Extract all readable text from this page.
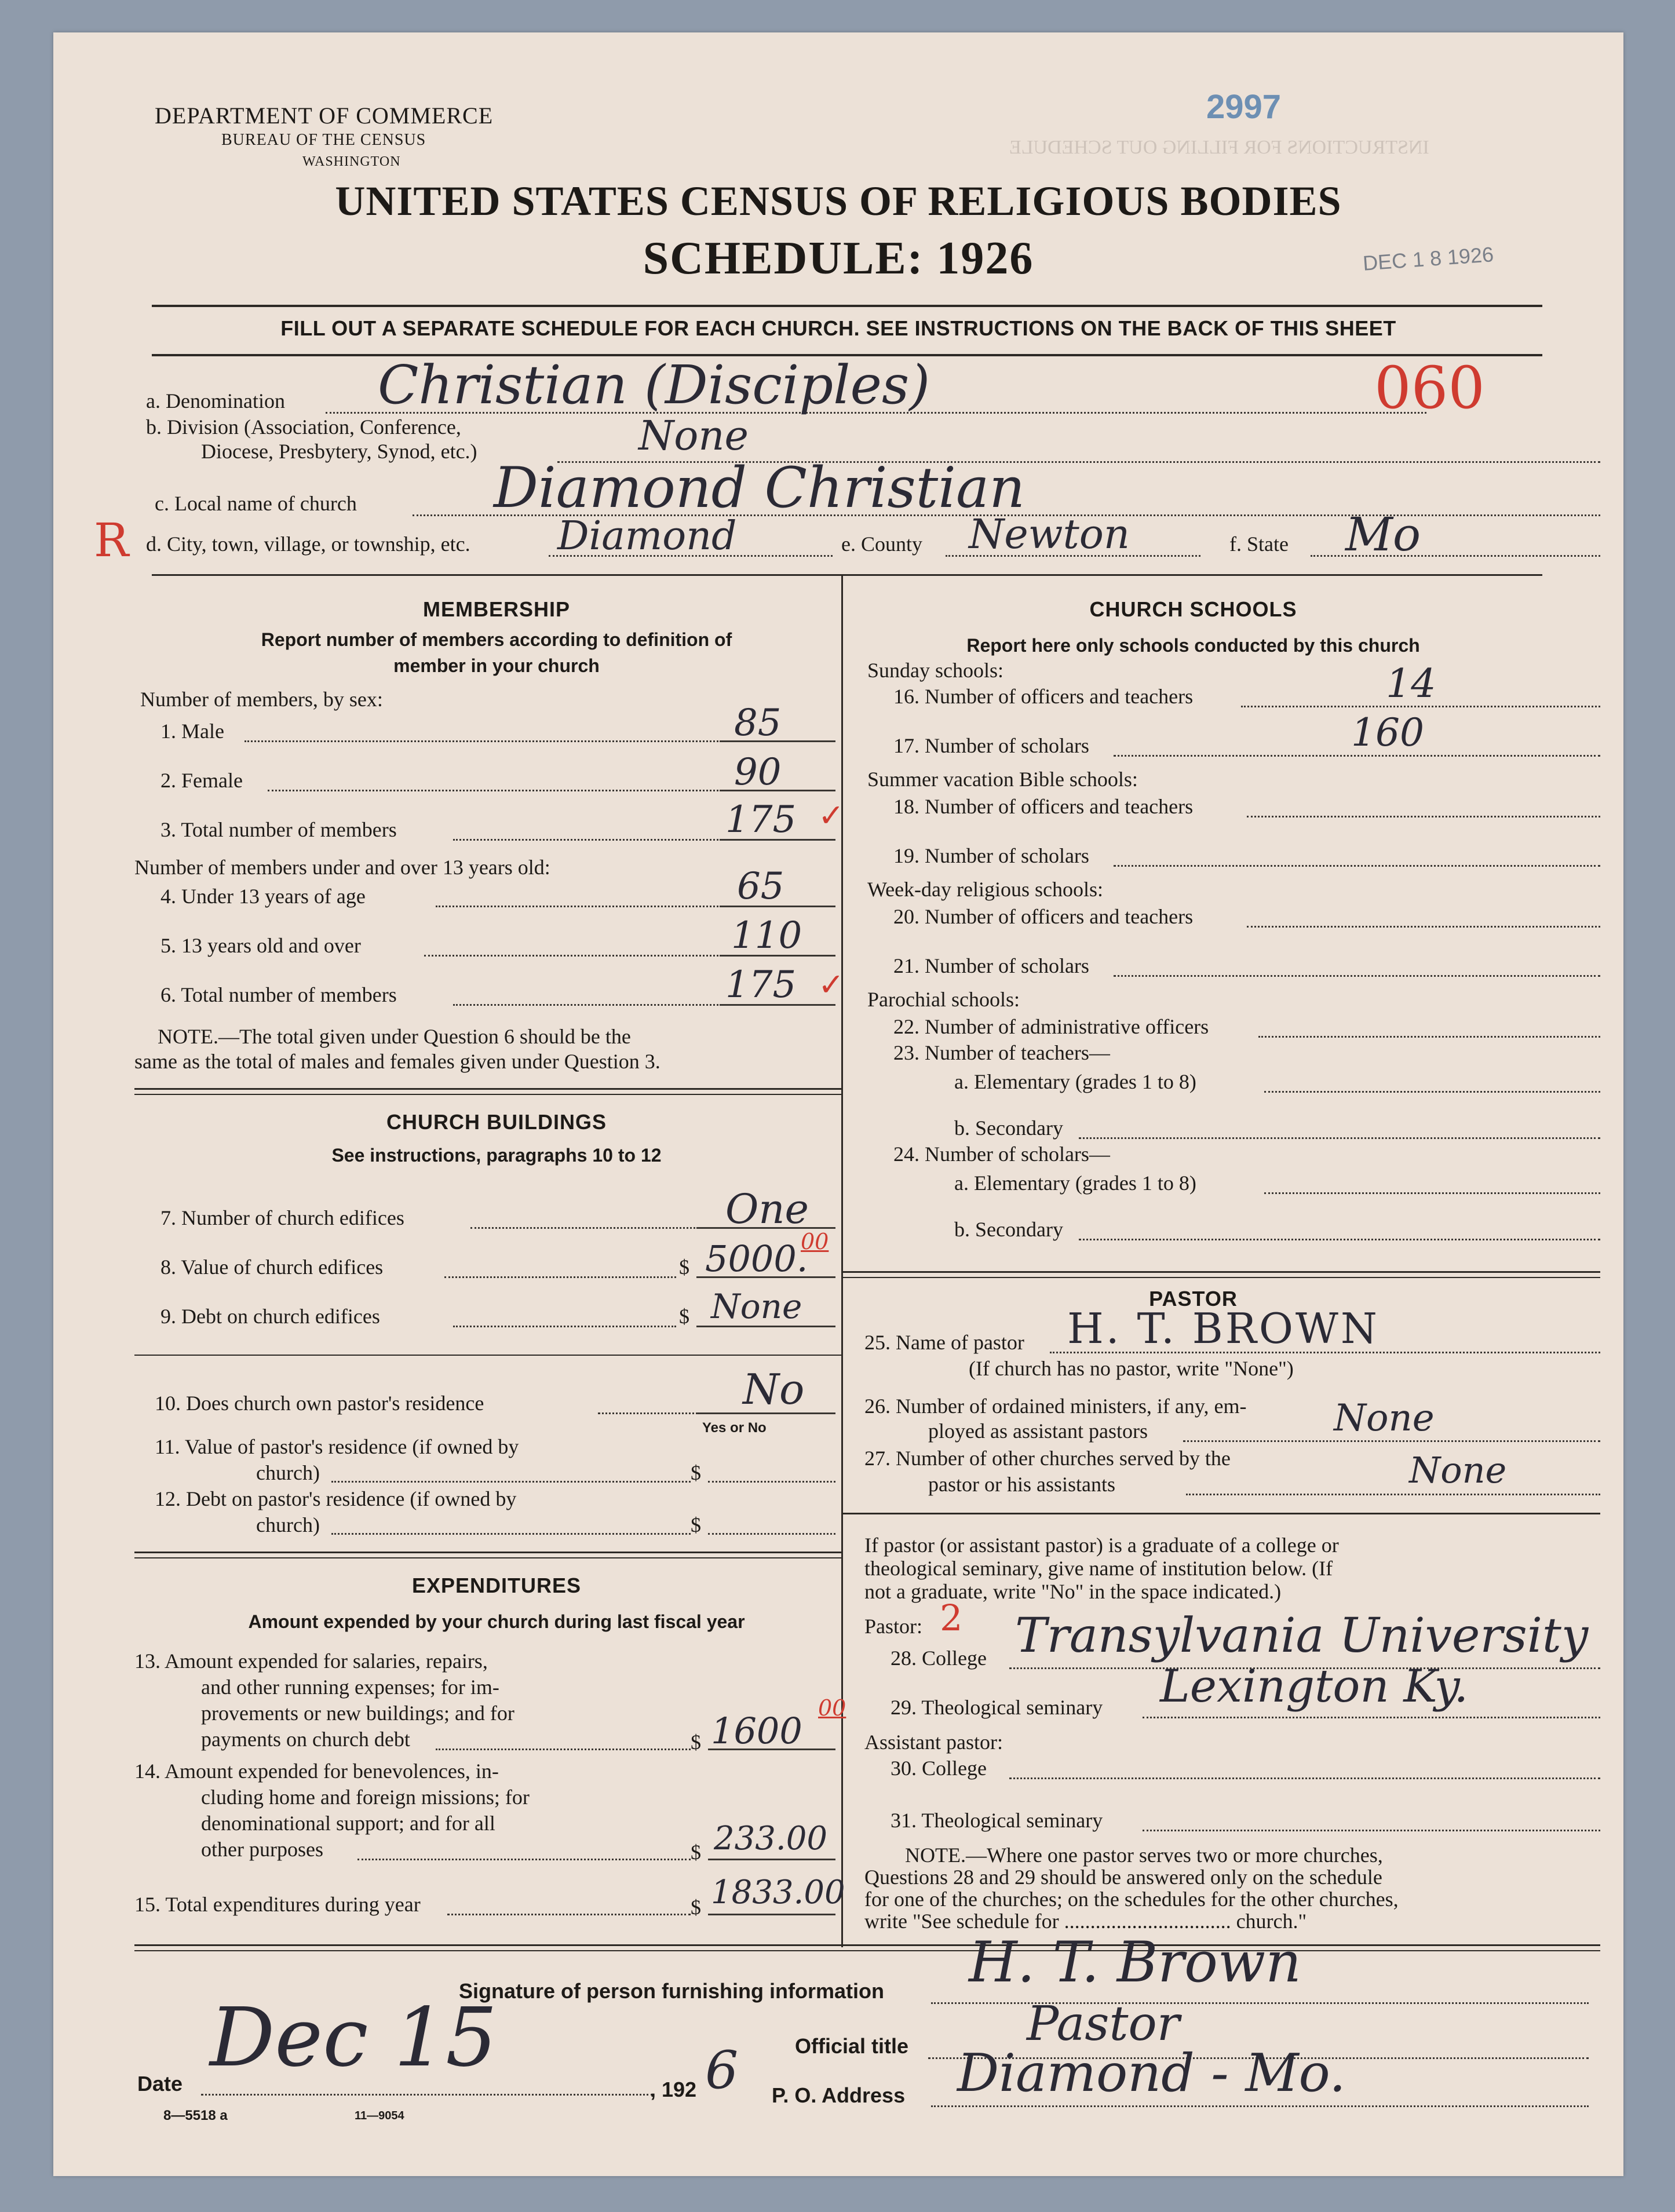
INSTRUCTIONS FOR FILLING OUT SCHEDULE
DEPARTMENT OF COMMERCE
BUREAU OF THE CENSUS
WASHINGTON
2997
DEC 1 8 1926
UNITED STATES CENSUS OF RELIGIOUS BODIES
SCHEDULE: 1926
FILL OUT A SEPARATE SCHEDULE FOR EACH CHURCH. SEE INSTRUCTIONS ON THE BACK OF THIS SHEET
a. Denomination Christian (Disciples)	060
b. Division (Association, Conference,
Diocese, Presbytery, Synod, etc.)	None
c. Local name of church Diamond Christian
R d. City, town, village, or township, etc. Diamond	e. County Newton	f. State Mo
MEMBERSHIP
Report number of members according to definition of
member in your church
Number of members, by sex:
1. Male	85
2. Female	90
3. Total number of members	175 ✓
Number of members under and over 13 years old:
4. Under 13 years of age	65
5. 13 years old and over	110
6. Total number of members	175 ✓
NOTE.—The total given under Question 6 should be the
same as the total of males and females given under Question 3.
CHURCH BUILDINGS
See instructions, paragraphs 10 to 12
7. Number of church edifices	One
8. Value of church edifices	$ 5000.
00
9. Debt on church edifices	$ None
10. Does church own pastor's residence	No
Yes or No
11. Value of pastor's residence (if owned by
church)	$
12. Debt on pastor's residence (if owned by
church)	$
EXPENDITURES
Amount expended by your church during last fiscal year
13. Amount expended for salaries, repairs,
and other running expenses; for im-
provements or new buildings; and for
payments on church debt	$ 1600
00
14. Amount expended for benevolences, in-
cluding home and foreign missions; for
denominational support; and for all
other purposes	$ 233.00
15. Total expenditures during year	$ 1833.00
CHURCH SCHOOLS
Report here only schools conducted by this church
Sunday schools:
16. Number of officers and teachers	14
17. Number of scholars	160
Summer vacation Bible schools:
18. Number of officers and teachers
19. Number of scholars
Week-day religious schools:
20. Number of officers and teachers
21. Number of scholars
Parochial schools:
22. Number of administrative officers
23. Number of teachers—
a. Elementary (grades 1 to 8)
b. Secondary
24. Number of scholars—
a. Elementary (grades 1 to 8)
b. Secondary
PASTOR
25. Name of pastor H. T. BROWN
(If church has no pastor, write "None")
26. Number of ordained ministers, if any, em-
ployed as assistant pastors	None
27. Number of other churches served by the
pastor or his assistants	None
If pastor (or assistant pastor) is a graduate of a college or
theological seminary, give name of institution below. (If
not a graduate, write "No" in the space indicated.)
Pastor: 2
28. College Transylvania University
29. Theological seminary Lexington Ky.
Assistant pastor:
30. College
31. Theological seminary
NOTE.—Where one pastor serves two or more churches,
Questions 28 and 29 should be answered only on the schedule
for one of the churches; on the schedules for the other churches,
write "See schedule for ................................ church."
Signature of person furnishing information H. T. Brown
Official title Pastor
Date Dec 15
, 192 6 P. O. Address Diamond - Mo.
8—5518 a	11—9054
